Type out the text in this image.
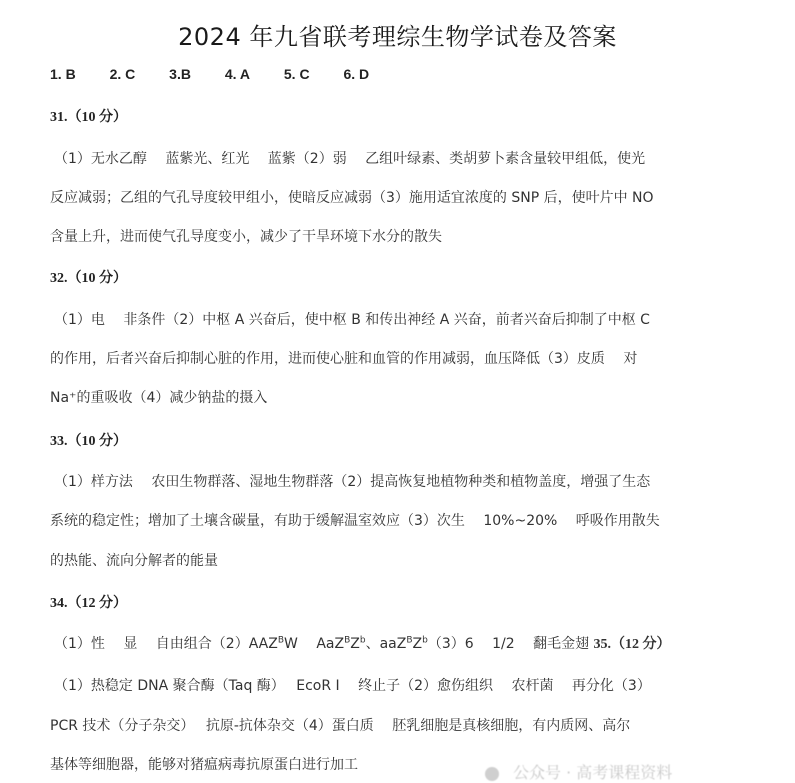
2024 年九省联考理综生物学试卷及答案
1. B 2. C 3.B 4. A 5. C 6. D
31.（10 分）
（1）无水乙醇　 蓝紫光、红光　 蓝紫（2）弱　 乙组叶绿素、类胡萝卜素含量较甲组低，使光
反应减弱；乙组的气孔导度较甲组小，使暗反应减弱（3）施用适宜浓度的 SNP 后，使叶片中 NO
含量上升，进而使气孔导度变小，减少了干旱环境下水分的散失
32.（10 分）
（1）电　 非条件（2）中枢 A 兴奋后，使中枢 B 和传出神经 A 兴奋，前者兴奋后抑制了中枢 C
的作用，后者兴奋后抑制心脏的作用，进而使心脏和血管的作用减弱，血压降低（3）皮质　 对
Na⁺的重吸收（4）减少钠盐的摄入
33.（10 分）
（1）样方法　 农田生物群落、湿地生物群落（2）提高恢复地植物种类和植物盖度，增强了生态
系统的稳定性；增加了土壤含碳量，有助于缓解温室效应（3）次生　 10%~20%　 呼吸作用散失
的热能、流向分解者的能量
34.（12 分）
（1）性　 显　 自由组合$(2)AAZ^BW$　 $AaZ^BZ^b$、$aaZ^BZ^b(3)6$　 1/2　 翻毛金翅 35.（12 分）
（1）热稳定 DNA 聚合酶（Taq 酶）　 EcoR I　 终止子（2）愈伤组织　 农杆菌　 再分化（3）
PCR 技术（分子杂交）　 抗原-抗体杂交（4）蛋白质　 胚乳细胞是真核细胞，有内质网、高尔
基体等细胞器，能够对猪瘟病毒抗原蛋白进行加工	公众号 · 高考课程资料
